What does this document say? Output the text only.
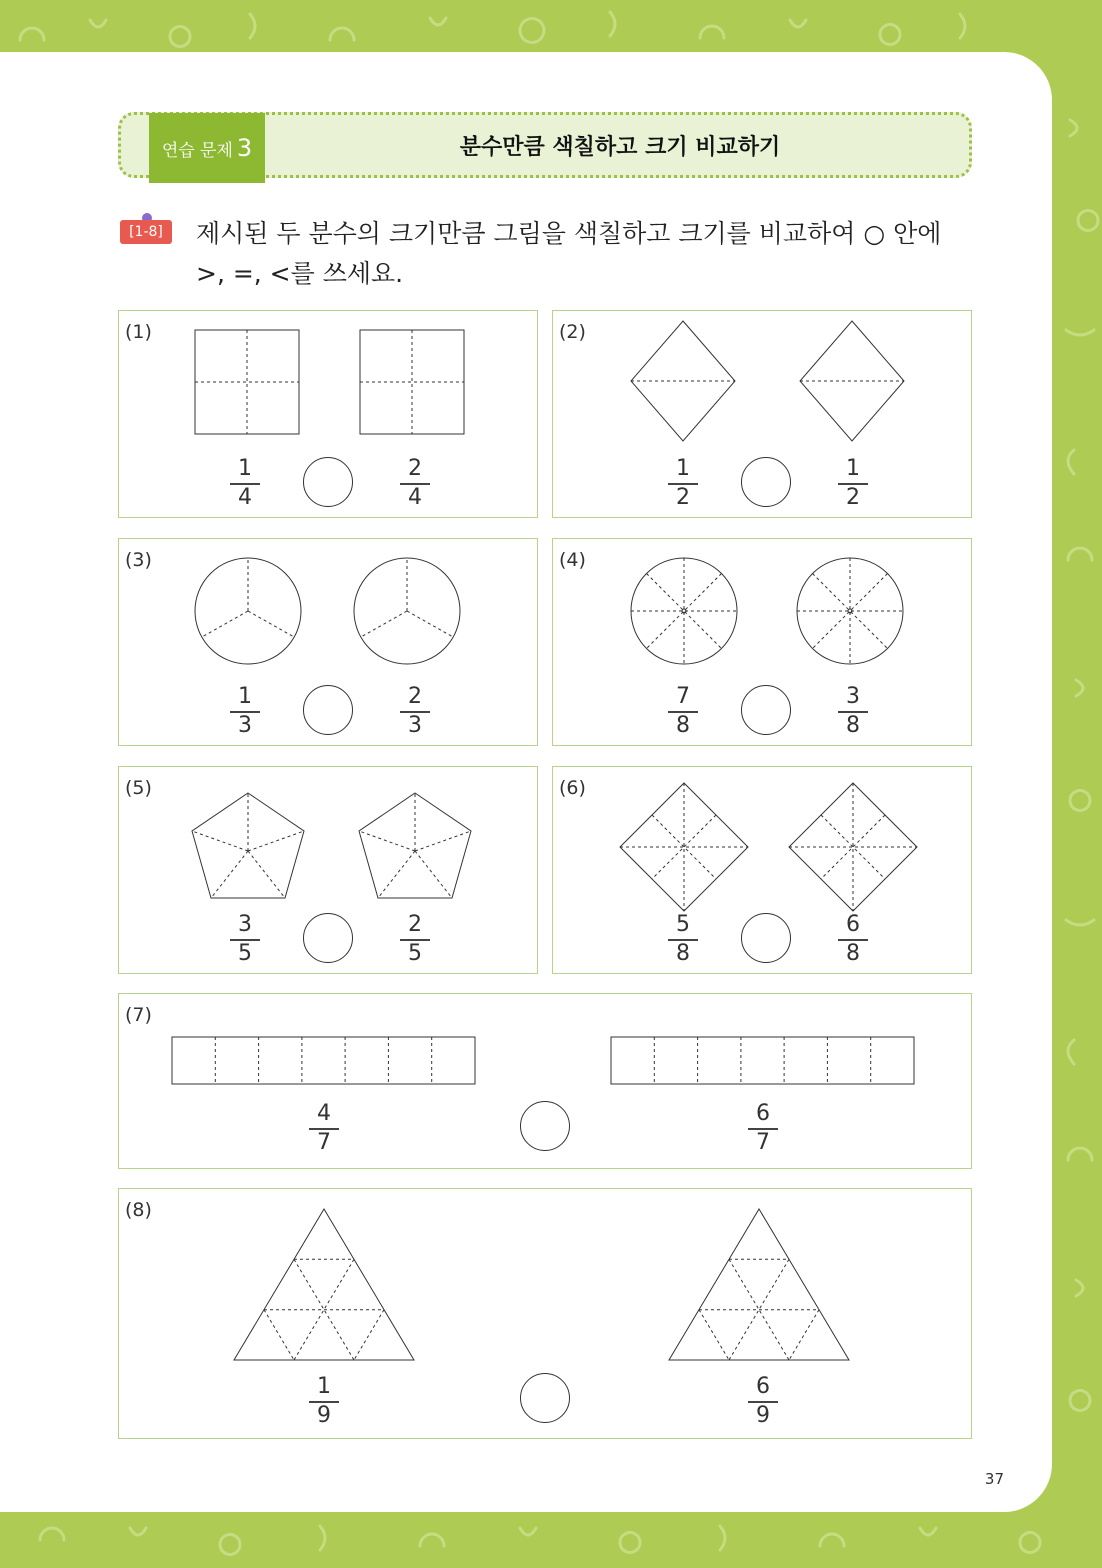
연습 문제 3	분수만큼 색칠하고 크기 비교하기
[1-8]	제시된 두 분수의 크기만큼 그림을 색칠하고 크기를 비교하여 ○ 안에
>, =, <를 쓰세요.
(1)
1
4
2
4
(2)
1
2
1
2
(3)
1
3
2
3
(4)
7
8
3
8
(5)
3
5
2
5
(6)
5
8
6
8
(7)
4
7
6
7
(8)
1
9
6
9
37
